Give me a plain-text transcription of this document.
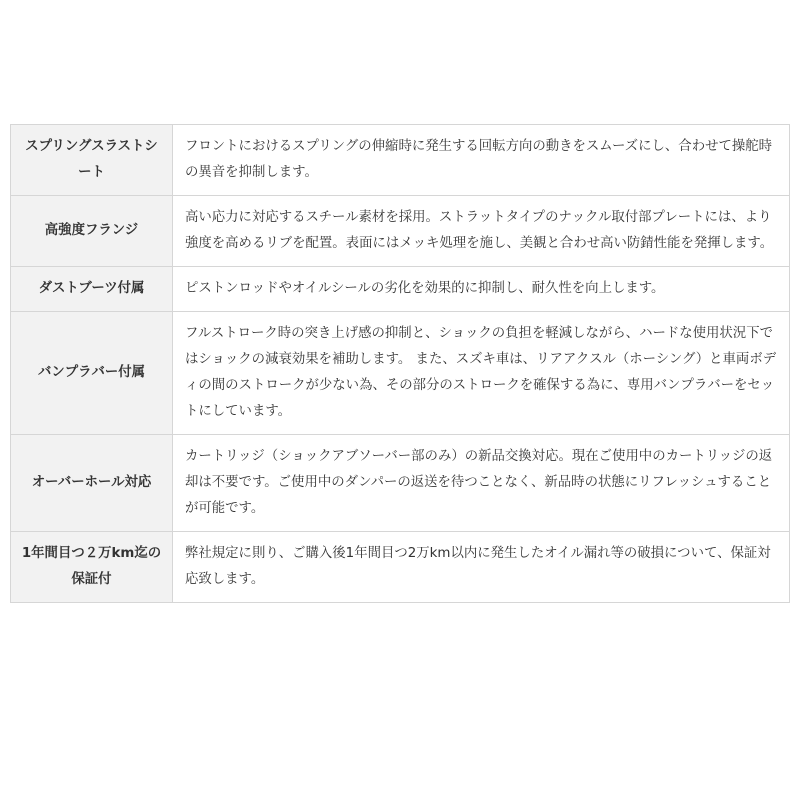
スプリングスラストシート	フロントにおけるスプリングの伸縮時に発生する回転方向の動きをスムーズにし、合わせて操舵時の異音を抑制します。
高強度フランジ	高い応力に対応するスチール素材を採用。ストラットタイプのナックル取付部プレートには、より強度を高めるリブを配置。表面にはメッキ処理を施し、美観と合わせ高い防錆性能を発揮します。
ダストブーツ付属	ピストンロッドやオイルシールの劣化を効果的に抑制し、耐久性を向上します。
バンプラバー付属	フルストローク時の突き上げ感の抑制と、ショックの負担を軽減しながら、ハードな使用状況下ではショックの減衰効果を補助します。 また、スズキ車は、リアアクスル（ホーシング）と車両ボディの間のストロークが少ない為、その部分のストロークを確保する為に、専用バンプラバーをセットにしています。
オーバーホール対応	カートリッジ（ショックアブソーバー部のみ）の新品交換対応。現在ご使用中のカートリッジの返却は不要です。ご使用中のダンパーの返送を待つことなく、新品時の状態にリフレッシュすることが可能です。
1年間目つ２万km迄の保証付	弊社規定に則り、ご購入後1年間目つ2万km以内に発生したオイル漏れ等の破損について、保証対応致します。
